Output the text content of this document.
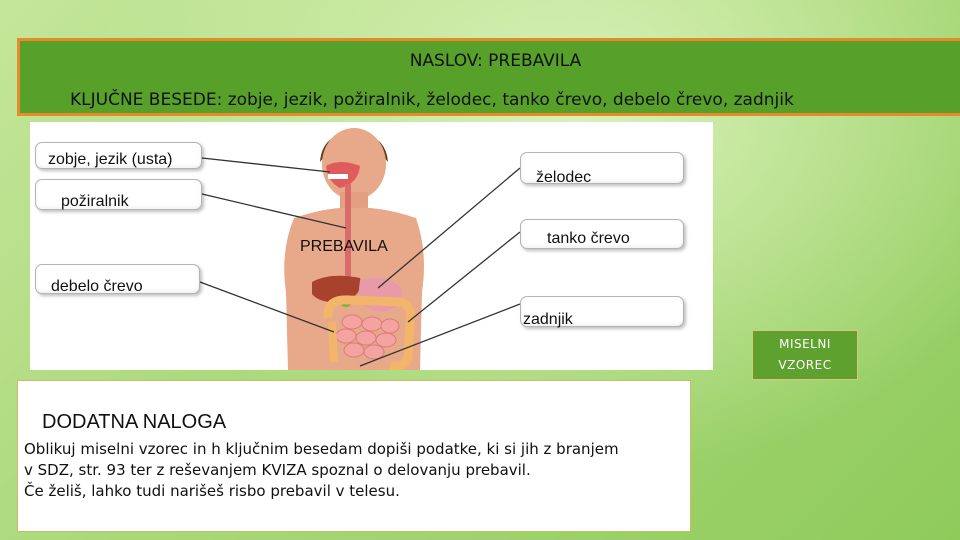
NASLOV: PREBAVILA
KLJUČNE BESEDE: zobje, jezik, požiralnik, želodec, tanko črevo, debelo črevo, zadnjik
zobje, jezik (usta)
požiralnik
debelo črevo
želodec
tanko črevo
zadnjik
PREBAVILA
MISELNI
VZOREC
DODATNA NALOGA
Oblikuj miselni vzorec in h ključnim besedam dopiši podatke, ki si jih z branjem
v SDZ, str. 93 ter z reševanjem KVIZA spoznal o delovanju prebavil.
Če želiš, lahko tudi narišeš risbo prebavil v telesu.
